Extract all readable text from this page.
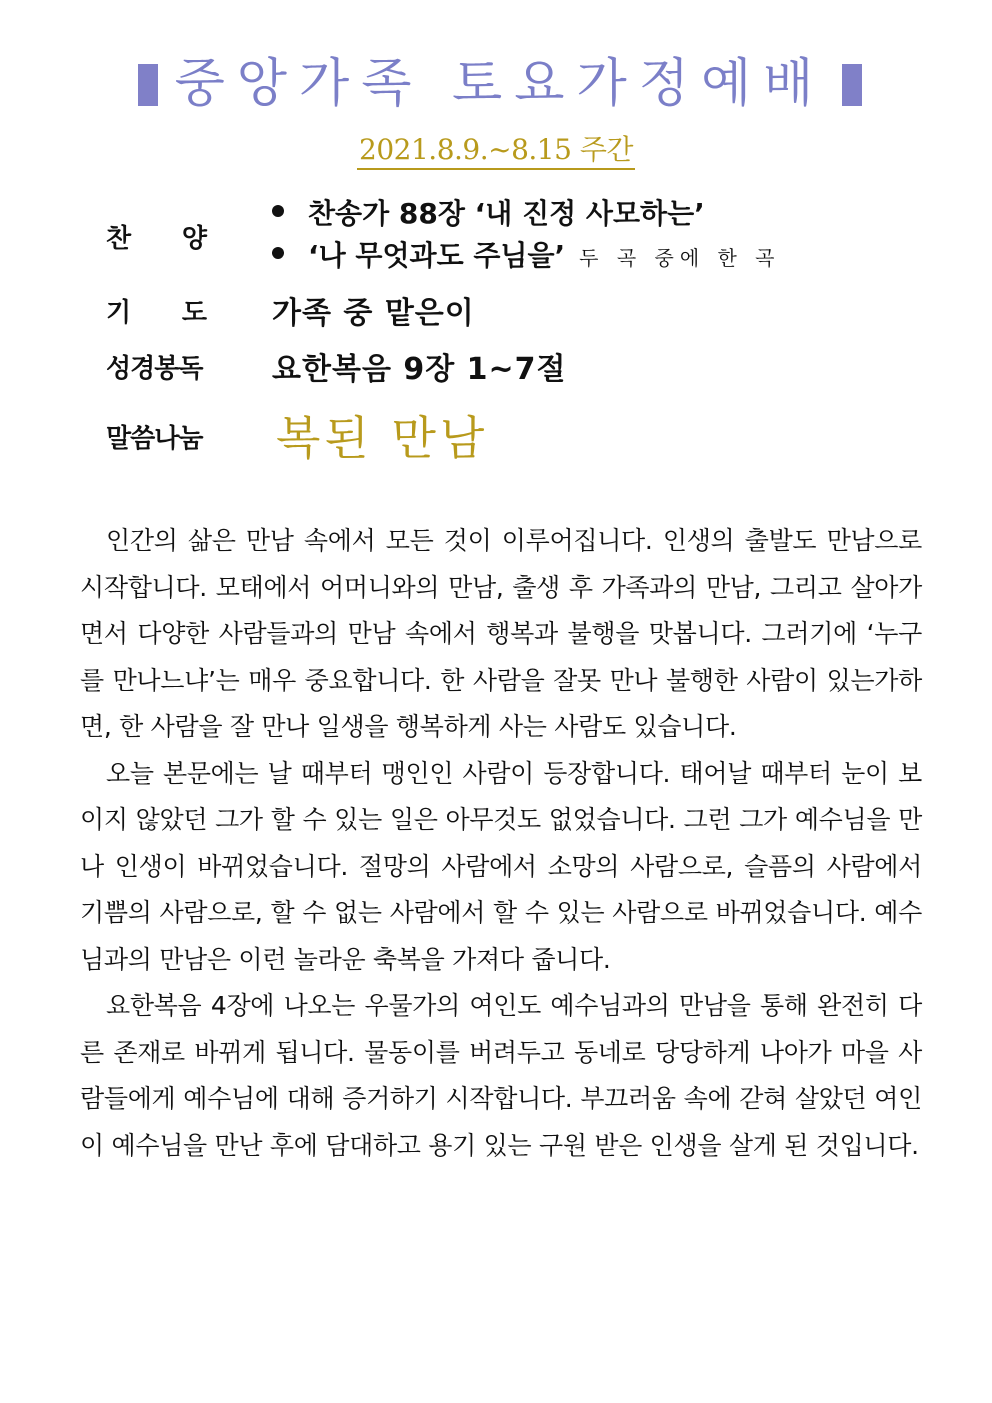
중앙가족 토요가정예배
2021.8.9.~8.15 주간
찬 양
찬송가 88장 ‘내 진정 사모하는’
‘나 무엇과도 주님을’ 두 곡 중에 한 곡
기 도 가족 중 맡은이
성경봉독 요한복음 9장 1~7절
말씀나눔 복된 만남

인간의 삶은 만남 속에서 모든 것이 이루어집니다. 인생의 출발도 만남으로 시작합니다. 모태에서 어머니와의 만남, 출생 후 가족과의 만남, 그리고 살아가면서 다양한 사람들과의 만남 속에서 행복과 불행을 맛봅니다. 그러기에 ‘누구를 만나느냐’는 매우 중요합니다. 한 사람을 잘못 만나 불행한 사람이 있는가하면, 한 사람을 잘 만나 일생을 행복하게 사는 사람도 있습니다.

오늘 본문에는 날 때부터 맹인인 사람이 등장합니다. 태어날 때부터 눈이 보이지 않았던 그가 할 수 있는 일은 아무것도 없었습니다. 그런 그가 예수님을 만나 인생이 바뀌었습니다. 절망의 사람에서 소망의 사람으로, 슬픔의 사람에서 기쁨의 사람으로, 할 수 없는 사람에서 할 수 있는 사람으로 바뀌었습니다. 예수님과의 만남은 이런 놀라운 축복을 가져다 줍니다.

요한복음 4장에 나오는 우물가의 여인도 예수님과의 만남을 통해 완전히 다른 존재로 바뀌게 됩니다. 물동이를 버려두고 동네로 당당하게 나아가 마을 사람들에게 예수님에 대해 증거하기 시작합니다. 부끄러움 속에 갇혀 살았던 여인이 예수님을 만난 후에 담대하고 용기 있는 구원 받은 인생을 살게 된 것입니다.
